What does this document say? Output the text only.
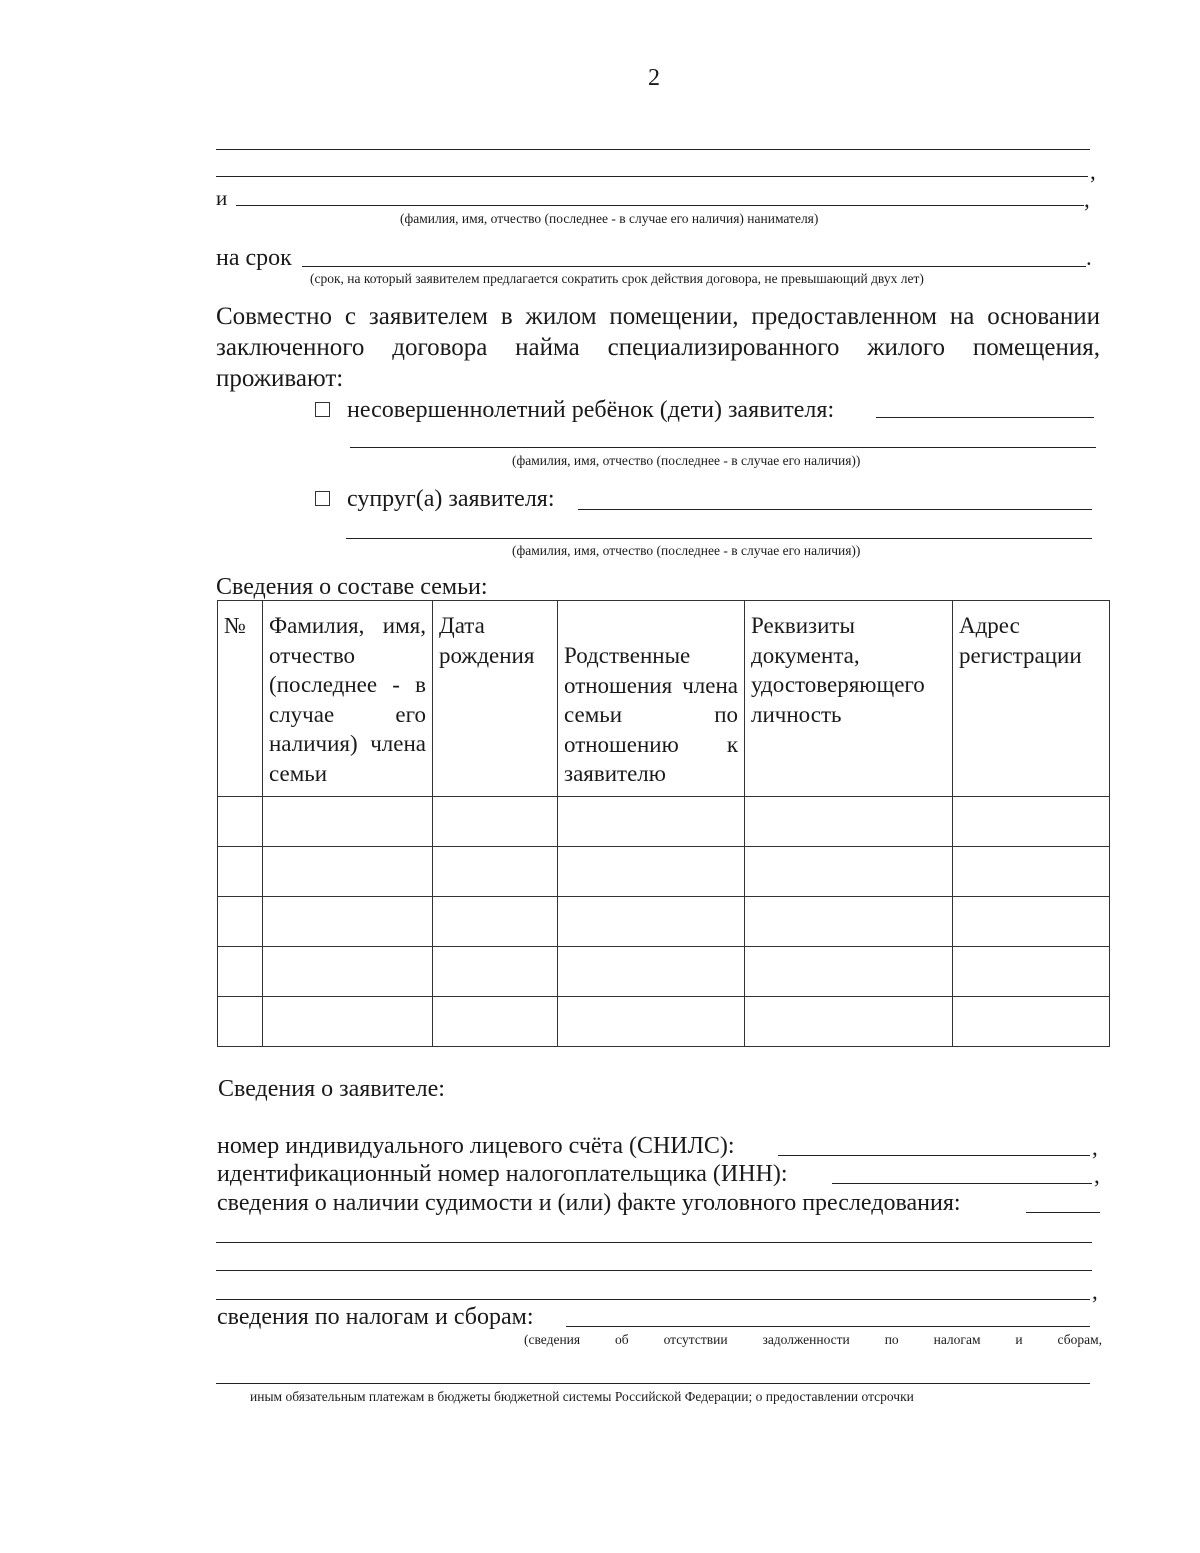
2
,
и	,
(фамилия, имя, отчество (последнее - в случае его наличия) нанимателя)
на срок	.
(срок, на который заявителем предлагается сократить срок действия договора, не превышающий двух лет)
Совместно с заявителем в жилом помещении, предоставленном на основании заключенного договора найма специализированного жилого помещения, проживают:
несовершеннолетний ребёнок (дети) заявителя:
(фамилия, имя, отчество (последнее - в случае его наличия))
супруг(а) заявителя:
(фамилия, имя, отчество (последнее - в случае его наличия))
Сведения о составе семьи:
№	Фамилия, имя, отчество (последнее - в случае его наличия) члена семьи	Дата рождения	Родственные отношения члена семьи по отношению к заявителю	Реквизиты документа, удостоверяющего личность	Адрес регистрации

Сведения о заявителе:
номер индивидуального лицевого счёта (СНИЛС):	,
идентификационный номер налогоплательщика (ИНН):	,
сведения о наличии судимости и (или) факте уголовного преследования:
,
сведения по налогам и сборам:
(сведения об отсутствии задолженности по налогам и сборам,
иным обязательным платежам в бюджеты бюджетной системы Российской Федерации; о предоставлении отсрочки
